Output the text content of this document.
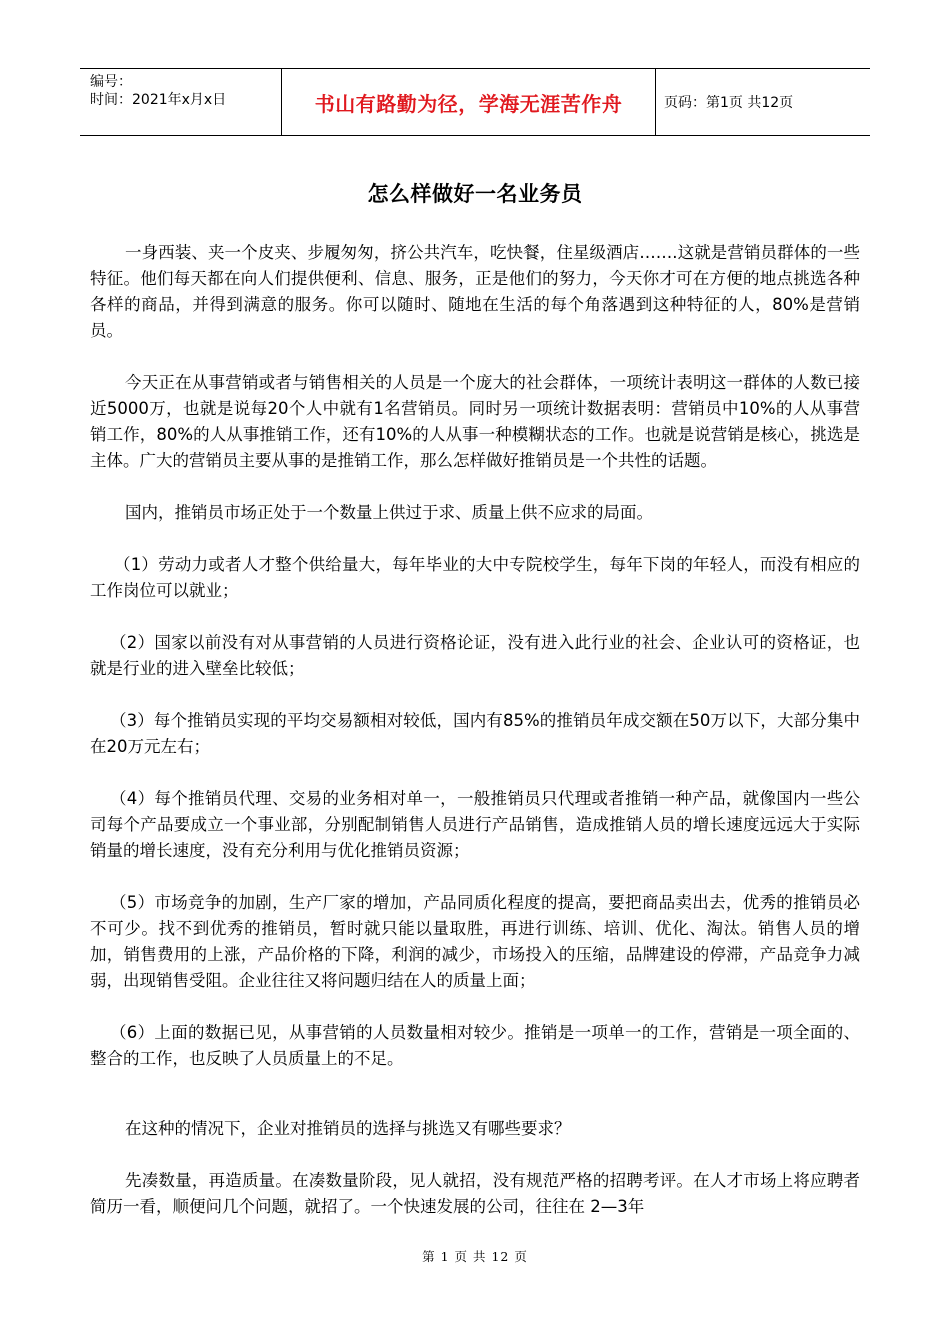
编号：
时间：2021年x月x日	书山有路勤为径，学海无涯苦作舟	页码：第1页 共12页
怎么样做好一名业务员

一身西装、夹一个皮夹、步履匆匆，挤公共汽车，吃快餐，住星级酒店…….这就是营销员群体的一些特征。他们每天都在向人们提供便利、信息、服务，正是他们的努力，今天你才可在方便的地点挑选各种各样的商品，并得到满意的服务。你可以随时、随地在生活的每个角落遇到这种特征的人，80%是营销员。

今天正在从事营销或者与销售相关的人员是一个庞大的社会群体，一项统计表明这一群体的人数已接近5000万，也就是说每20个人中就有1名营销员。同时另一项统计数据表明：营销员中10%的人从事营销工作，80%的人从事推销工作，还有10%的人从事一种模糊状态的工作。也就是说营销是核心，挑选是主体。广大的营销员主要从事的是推销工作，那么怎样做好推销员是一个共性的话题。

国内，推销员市场正处于一个数量上供过于求、质量上供不应求的局面。

（1）劳动力或者人才整个供给量大，每年毕业的大中专院校学生，每年下岗的年轻人，而没有相应的工作岗位可以就业；

（2）国家以前没有对从事营销的人员进行资格论证，没有进入此行业的社会、企业认可的资格证，也就是行业的进入壁垒比较低；

（3）每个推销员实现的平均交易额相对较低，国内有85%的推销员年成交额在50万以下，大部分集中在20万元左右；

（4）每个推销员代理、交易的业务相对单一，一般推销员只代理或者推销一种产品，就像国内一些公司每个产品要成立一个事业部，分别配制销售人员进行产品销售，造成推销人员的增长速度远远大于实际销量的增长速度，没有充分利用与优化推销员资源；

（5）市场竞争的加剧，生产厂家的增加，产品同质化程度的提高，要把商品卖出去，优秀的推销员必不可少。找不到优秀的推销员，暂时就只能以量取胜，再进行训练、培训、优化、淘汰。销售人员的增加，销售费用的上涨，产品价格的下降，利润的减少，市场投入的压缩，品牌建设的停滞，产品竞争力减弱，出现销售受阻。企业往往又将问题归结在人的质量上面；

（6）上面的数据已见，从事营销的人员数量相对较少。推销是一项单一的工作，营销是一项全面的、整合的工作，也反映了人员质量上的不足。

在这种的情况下，企业对推销员的选择与挑选又有哪些要求？

先凑数量，再造质量。在凑数量阶段，见人就招，没有规范严格的招聘考评。在人才市场上将应聘者简历一看，顺便问几个问题，就招了。一个快速发展的公司，往往在 2—3年

第 1 页 共 12 页
